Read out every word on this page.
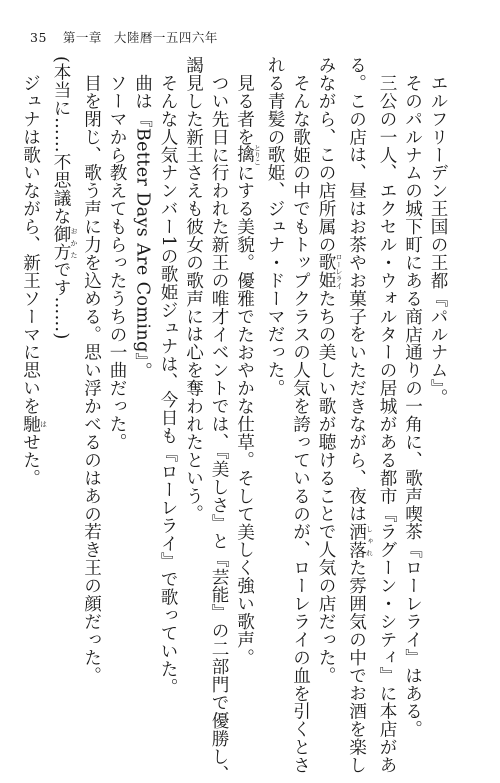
35 第一章 大陸暦一五四六年
エルフリーデン王国の王都『パルナム』。
そのパルナムの城下町にある商店通りの一角に、歌声喫茶『ローレライ』はある。
三公の一人、エクセル・ウォルターの居城がある都市『ラグーン・シティ』に本店があ
る。この店は、昼はお茶やお菓子をいただきながら、夜は洒落 しゃれた雰囲気の中でお酒を楽し
みながら、この店所属の歌姫 ローレライたちの美しい歌が聴けることで人気の店だった。
そんな歌姫の中でもトップクラスの人気を誇っているのが、ローレライの血を引くとさ
れる青髪の歌姫、ジュナ・ドーマだった。
見る者を擒 とりこにする美貌。優雅でたおやかな仕草。そして美しく強い歌声。
つい先日に行われた新王の唯才イベントでは、『美しさ』と『芸能』の二部門で優勝し、
謁見した新王さえも彼女の歌声には心を奪われたという。
そんな人気ナンバー1の歌姫ジュナは、今日も『ローレライ』で歌っていた。
曲は『Better Days Are Coming』。
ソーマから教えてもらったうちの一曲だった。
目を閉じ、歌う声に力を込める。思い浮かべるのはあの若き王の顔だった。
(本当に……不思議な御方 おかたです……)
ジュナは歌いながら、新王ソーマに思いを馳 はせた。
